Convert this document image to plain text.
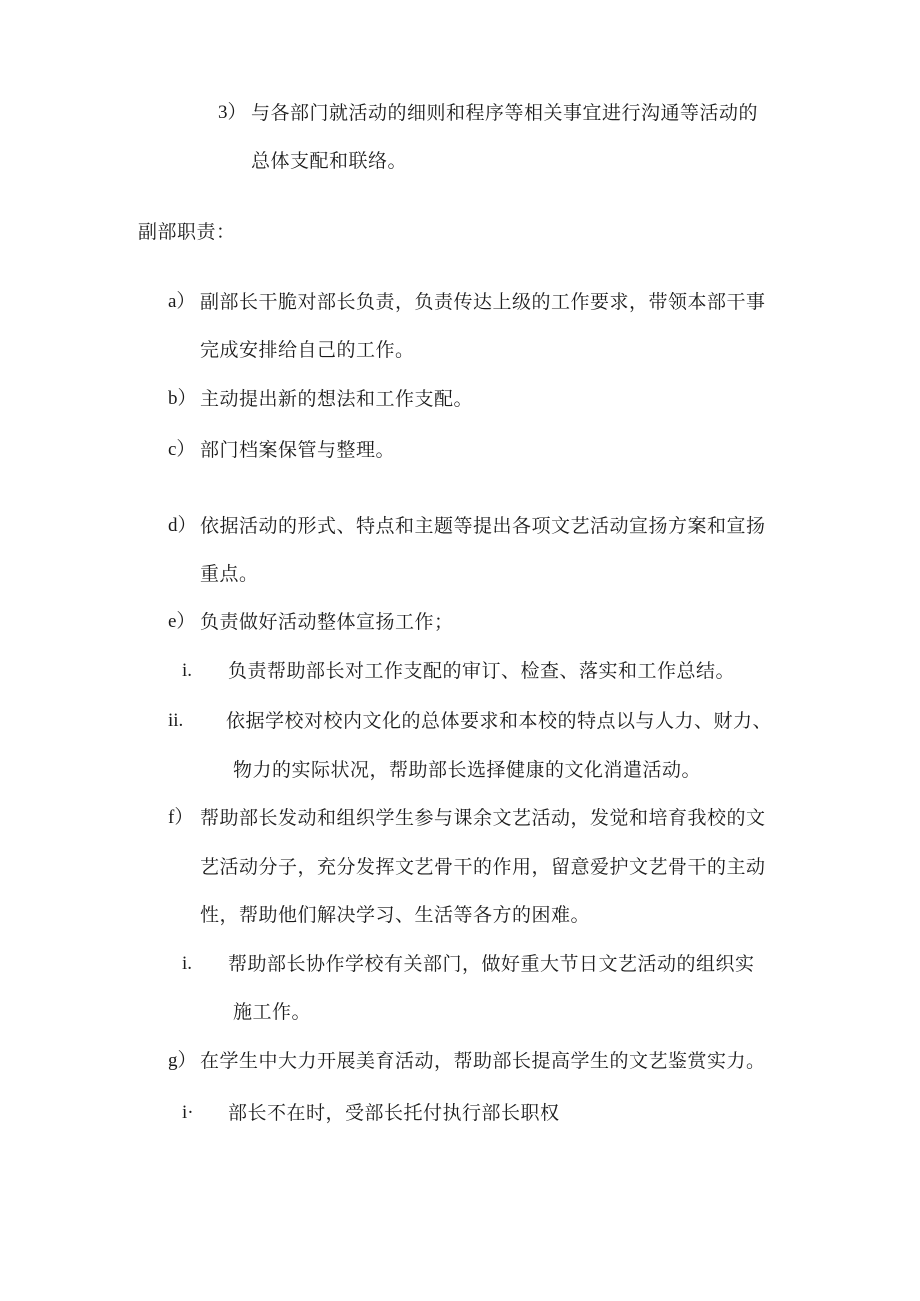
3） 与各部门就活动的细则和程序等相关事宜进行沟通等活动的
总体支配和联络。
副部职责：
a） 副部长干脆对部长负责，负责传达上级的工作要求，带领本部干事
完成安排给自己的工作。
b） 主动提出新的想法和工作支配。
c） 部门档案保管与整理。
d） 依据活动的形式、特点和主题等提出各项文艺活动宣扬方案和宣扬
重点。
e） 负责做好活动整体宣扬工作；
i. 负责帮助部长对工作支配的审订、检查、落实和工作总结。
ii. 依据学校对校内文化的总体要求和本校的特点以与人力、财力、
物力的实际状况，帮助部长选择健康的文化消遣活动。
f） 帮助部长发动和组织学生参与课余文艺活动，发觉和培育我校的文
艺活动分子，充分发挥文艺骨干的作用，留意爱护文艺骨干的主动
性，帮助他们解决学习、生活等各方的困难。
i. 帮助部长协作学校有关部门，做好重大节日文艺活动的组织实
施工作。
g） 在学生中大力开展美育活动，帮助部长提高学生的文艺鉴赏实力。
i· 部长不在时，受部长托付执行部长职权
